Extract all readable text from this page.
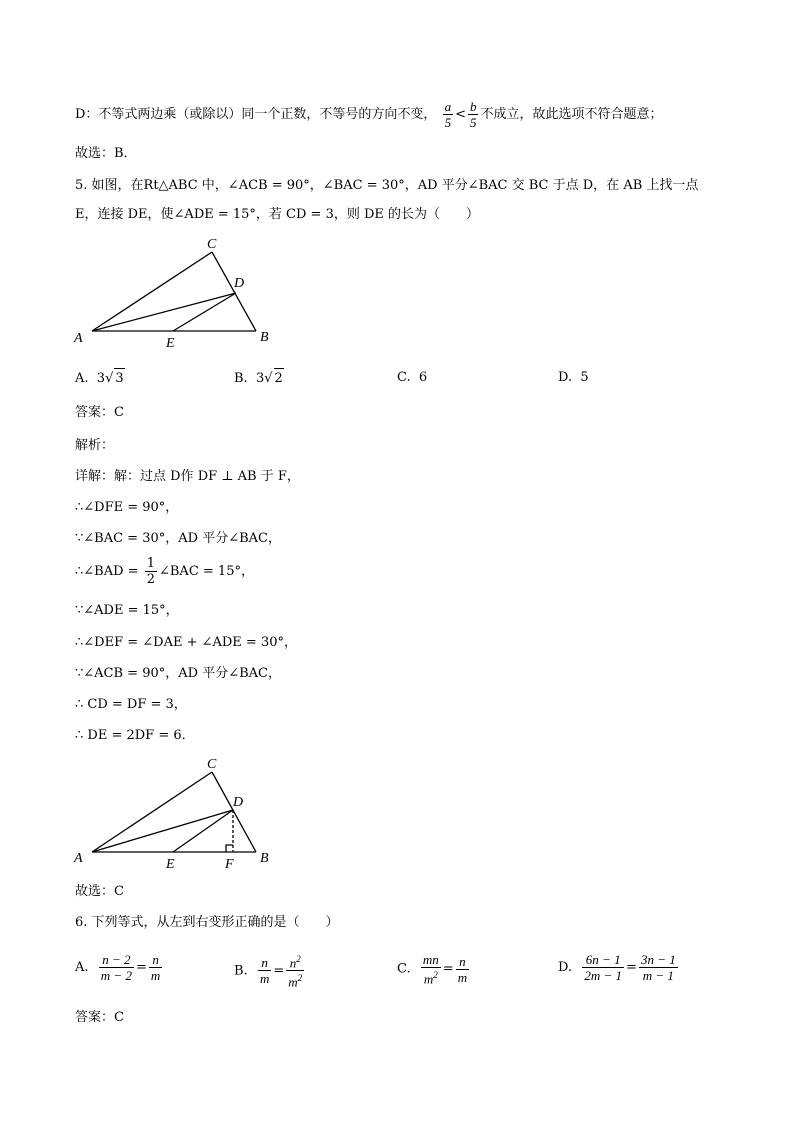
D：不等式两边乘（或除以）同一个正数，不等号的方向不变， $\frac{a}{5} < \frac{b}{5}$ 不成立，故此选项不符合题意；
故选：B．
5. 如图，在Rt△ABC 中，∠ACB = 90°，∠BAC = 30°，AD 平分∠BAC 交 BC 于点 D，在 AB 上找一点
E，连接 DE，使∠ADE = 15°，若 CD = 3，则 DE 的长为（　　）
C
D
A	E	B
A. 3√ 3	B. 3√ 2	C. 6	D. 5
答案：C
解析：
详解：解：过点 D作 DF ⊥ AB 于 F，
∴∠DFE = 90°，
∵∠BAC = 30°，AD 平分∠BAC，
∴∠BAD = $\frac{1}{2}$ ∠BAC = 15°，
∵∠ADE = 15°，
∴∠DEF = ∠DAE + ∠ADE = 30°，
∵∠ACB = 90°，AD 平分∠BAC，
∴ CD = DF = 3，
∴ DE = 2DF = 6．
C
D
A	E	F B
故选：C
6. 下列等式，从左到右变形正确的是（　　）
A. $\frac{n - 2}{m - 2} = \frac{n}{m}$	B. $\frac{n}{m} = \frac{n^2}{m^2}$	C. $\frac{mn}{m^2} = \frac{n}{m}$	D. $\frac{6n - 1}{2m - 1} = \frac{3n - 1}{m - 1}$
答案：C
